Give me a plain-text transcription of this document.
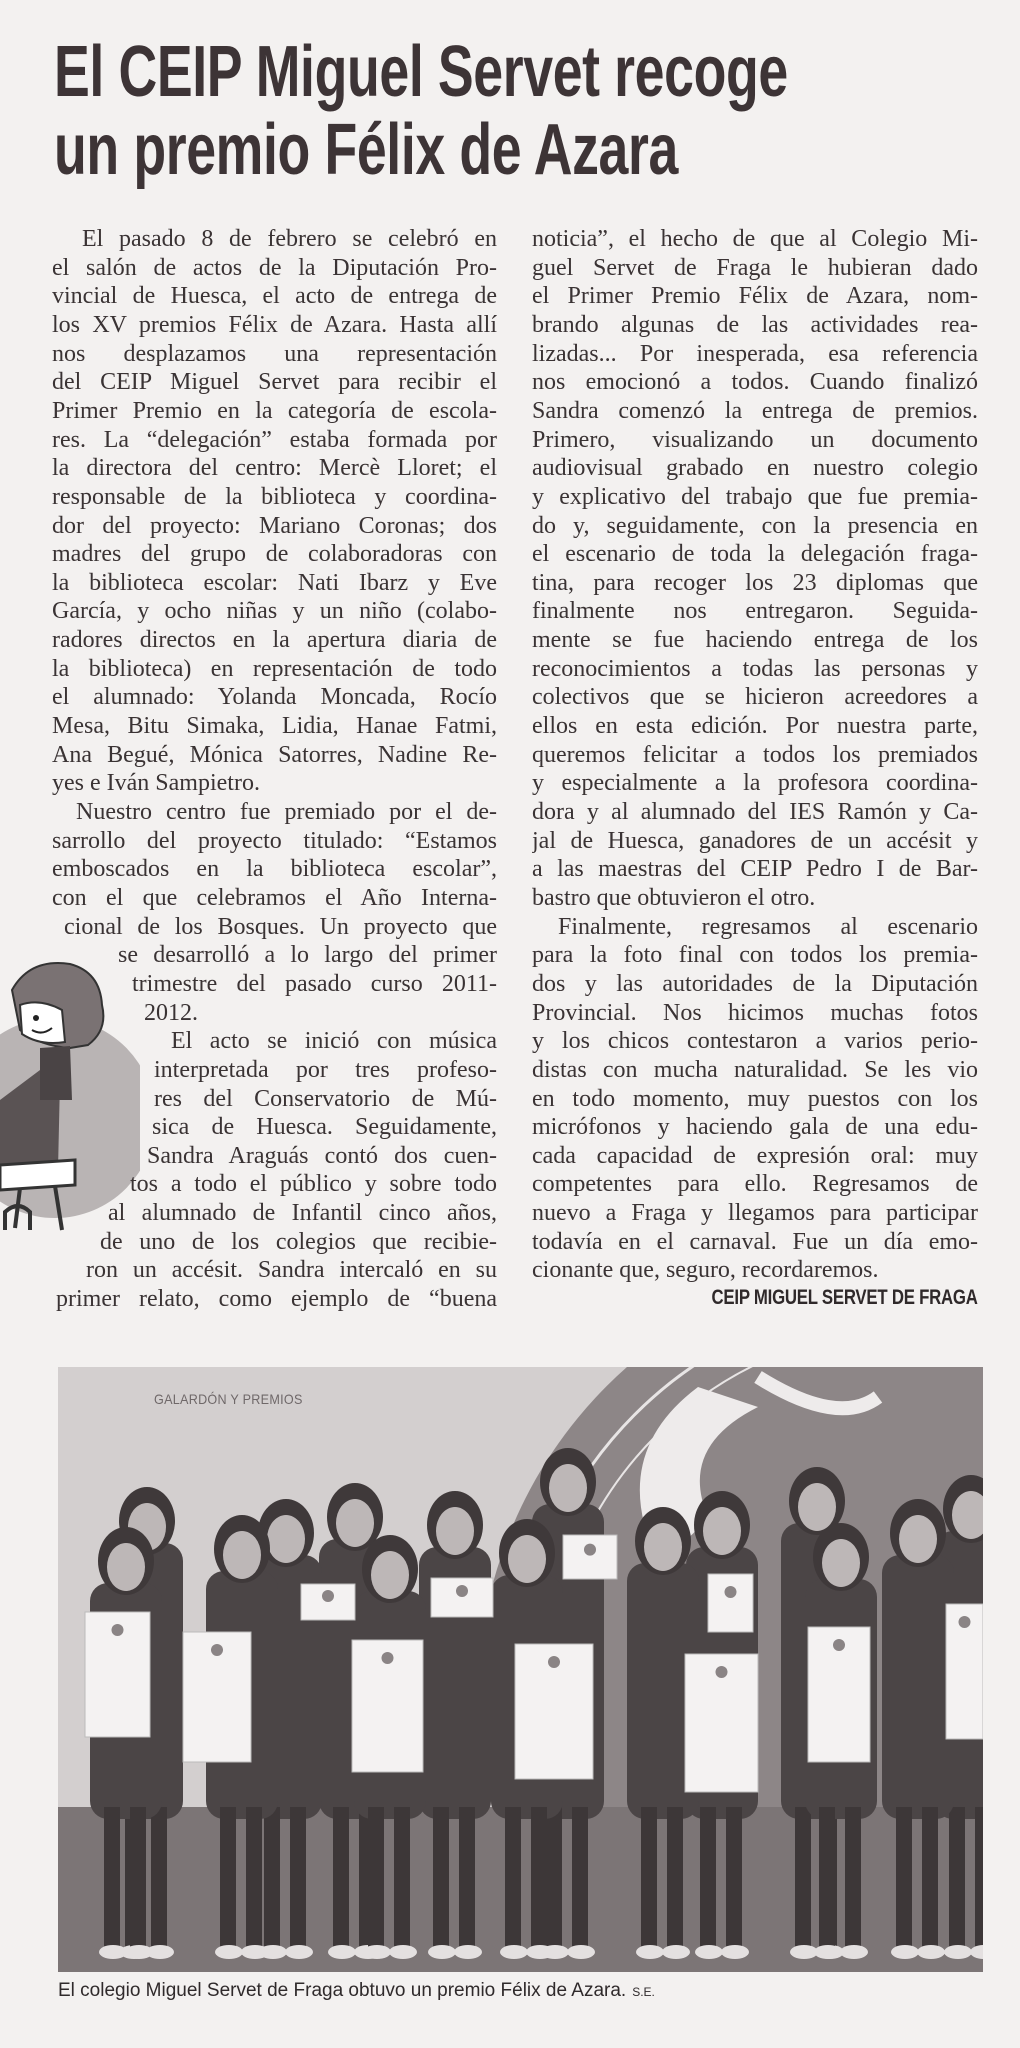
El CEIP Miguel Servet recoge
un premio Félix de Azara
El pasado 8 de febrero se celebró en
el salón de actos de la Diputación Pro-
vincial de Huesca, el acto de entrega de
los XV premios Félix de Azara. Hasta allí
nos desplazamos una representación
del CEIP Miguel Servet para recibir el
Primer Premio en la categoría de escola-
res. La “delegación” estaba formada por
la directora del centro: Mercè Lloret; el
responsable de la biblioteca y coordina-
dor del proyecto: Mariano Coronas; dos
madres del grupo de colaboradoras con
la biblioteca escolar: Nati Ibarz y Eve
García, y ocho niñas y un niño (colabo-
radores directos en la apertura diaria de
la biblioteca) en representación de todo
el alumnado: Yolanda Moncada, Rocío
Mesa, Bitu Simaka, Lidia, Hanae Fatmi,
Ana Begué, Mónica Satorres, Nadine Re-
yes e Iván Sampietro.
Nuestro centro fue premiado por el de-
sarrollo del proyecto titulado: “Estamos
emboscados en la biblioteca escolar”,
con el que celebramos el Año Interna-
cional de los Bosques. Un proyecto que
se desarrolló a lo largo del primer
trimestre del pasado curso 2011-
2012.
El acto se inició con música
interpretada por tres profeso-
res del Conservatorio de Mú-
sica de Huesca. Seguidamente,
Sandra Araguás contó dos cuen-
tos a todo el público y sobre todo
al alumnado de Infantil cinco años,
de uno de los colegios que recibie-
ron un accésit. Sandra intercaló en su
primer relato, como ejemplo de “buena
noticia”, el hecho de que al Colegio Mi-
guel Servet de Fraga le hubieran dado
el Primer Premio Félix de Azara, nom-
brando algunas de las actividades rea-
lizadas... Por inesperada, esa referencia
nos emocionó a todos. Cuando finalizó
Sandra comenzó la entrega de premios.
Primero, visualizando un documento
audiovisual grabado en nuestro colegio
y explicativo del trabajo que fue premia-
do y, seguidamente, con la presencia en
el escenario de toda la delegación fraga-
tina, para recoger los 23 diplomas que
finalmente nos entregaron. Seguida-
mente se fue haciendo entrega de los
reconocimientos a todas las personas y
colectivos que se hicieron acreedores a
ellos en esta edición. Por nuestra parte,
queremos felicitar a todos los premiados
y especialmente a la profesora coordina-
dora y al alumnado del IES Ramón y Ca-
jal de Huesca, ganadores de un accésit y
a las maestras del CEIP Pedro I de Bar-
bastro que obtuvieron el otro.
Finalmente, regresamos al escenario
para la foto final con todos los premia-
dos y las autoridades de la Diputación
Provincial. Nos hicimos muchas fotos
y los chicos contestaron a varios perio-
distas con mucha naturalidad. Se les vio
en todo momento, muy puestos con los
micrófonos y haciendo gala de una edu-
cada capacidad de expresión oral: muy
competentes para ello. Regresamos de
nuevo a Fraga y llegamos para participar
todavía en el carnaval. Fue un día emo-
cionante que, seguro, recordaremos.
CEIP MIGUEL SERVET DE FRAGA
GALARDÓN Y PREMIOS
El colegio Miguel Servet de Fraga obtuvo un premio Félix de Azara. S.E.
